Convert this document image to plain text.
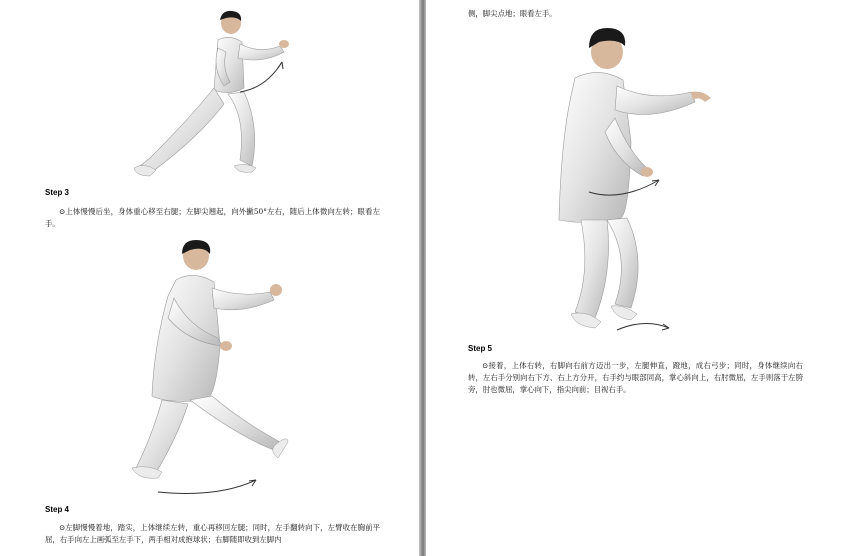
Step 3

⊙上体慢慢后坐，身体重心移至右腿；左脚尖翘起，向外撇50°左右，随后上体微向左转；眼看左手。

Step 4

⊙左脚慢慢着地，踏实，上体继续左转，重心再移回左腿；同时，左手翻转向下，左臂收在胸前平屈，右手向左上画弧至左手下，两手相对成抱球状；右脚随即收到左脚内

侧，脚尖点地；眼看左手。
Step 5

⊙接着，上体右转，右脚向右前方迈出一步，左腿伸直，蹬地，成右弓步；同时，身体继续向右转，左右手分别向右下方、右上方分开，右手约与眼部同高，掌心斜向上，右肘微屈，左手则落于左胯旁，肘也微屈，掌心向下，指尖向前；目视右手。
